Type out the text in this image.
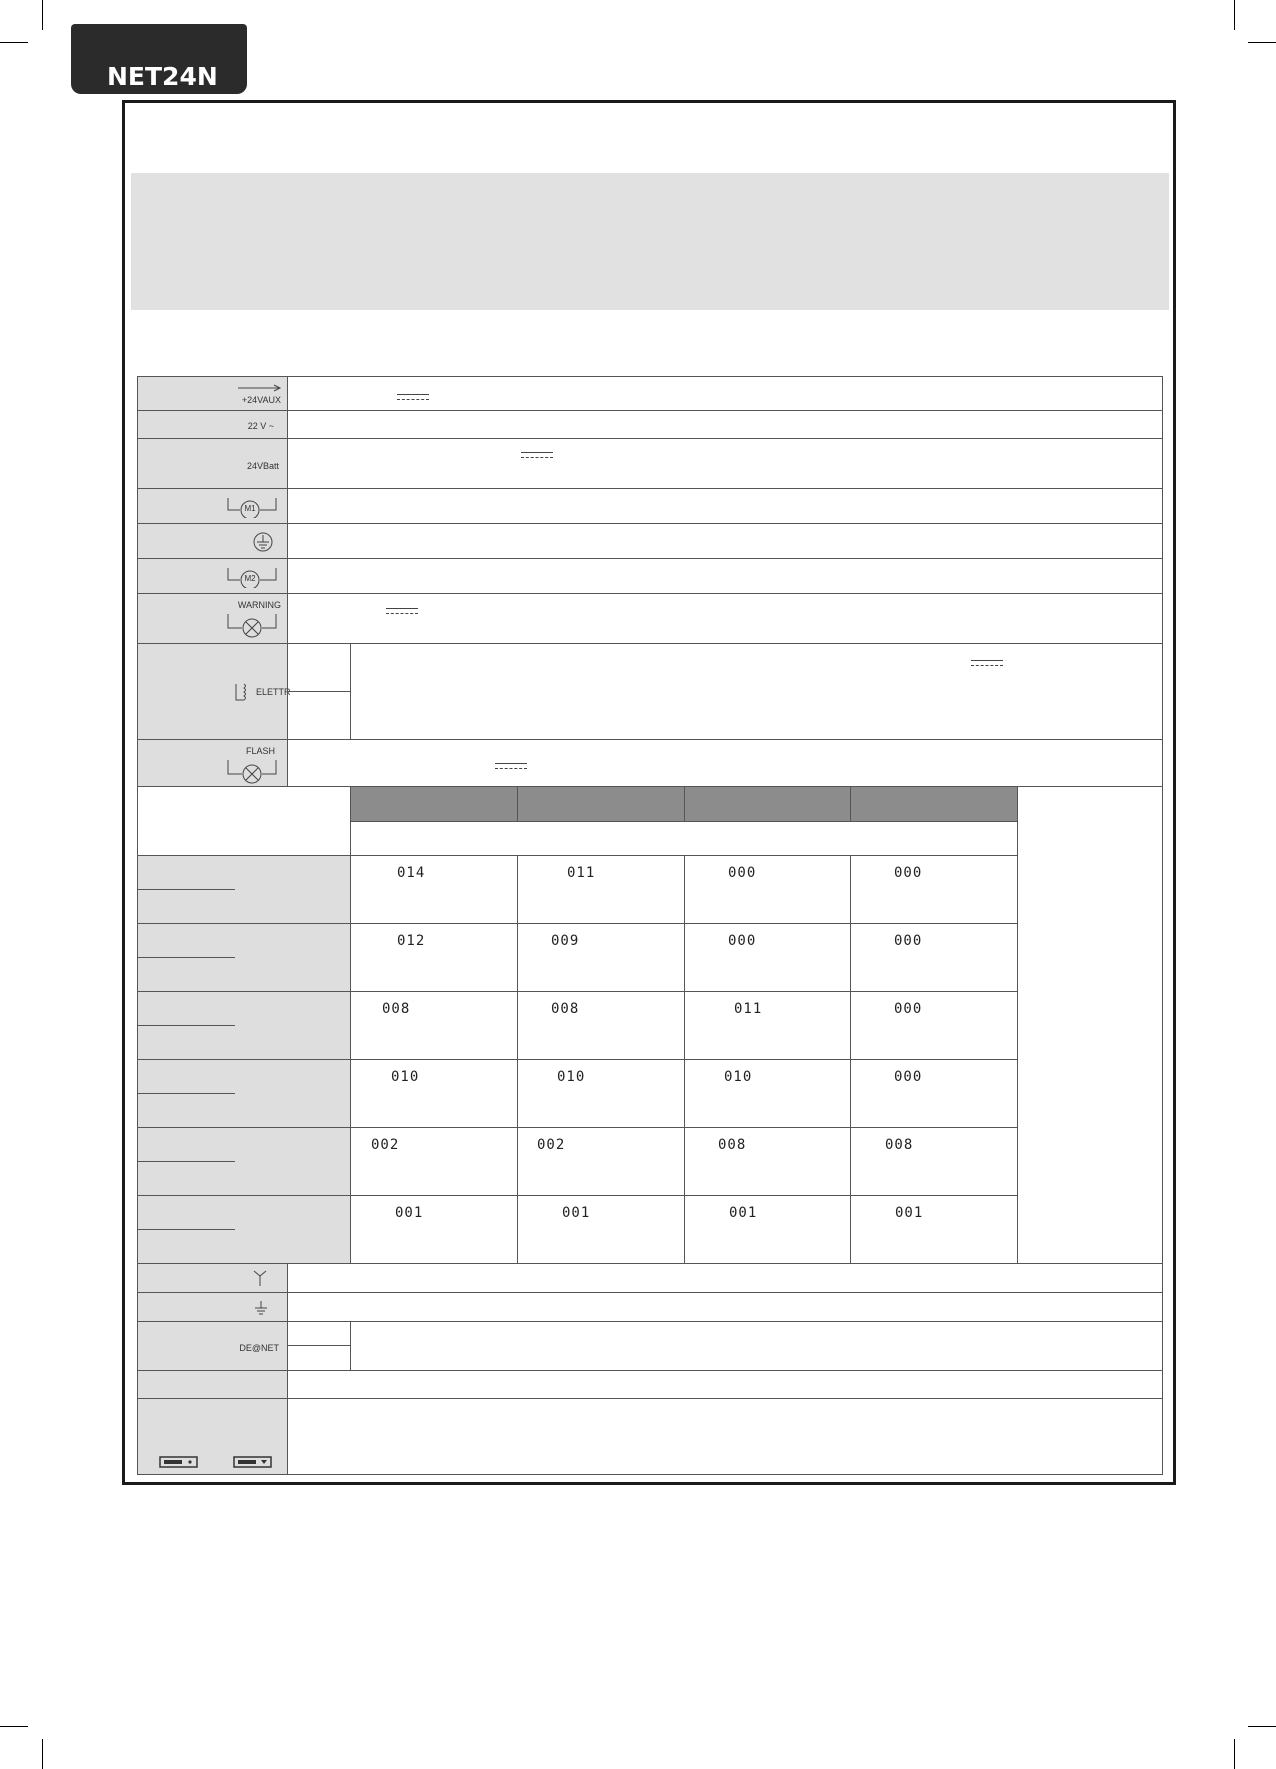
NET24N
+24VAUX
22 V ~
24VBatt
M1
M2
WARNING
ELETTR
FLASH
014	011	000	000
012	009	000	000
008	008	011	000
010	010	010	000
002	002	008	008
001	001	001	001
DE@NET
